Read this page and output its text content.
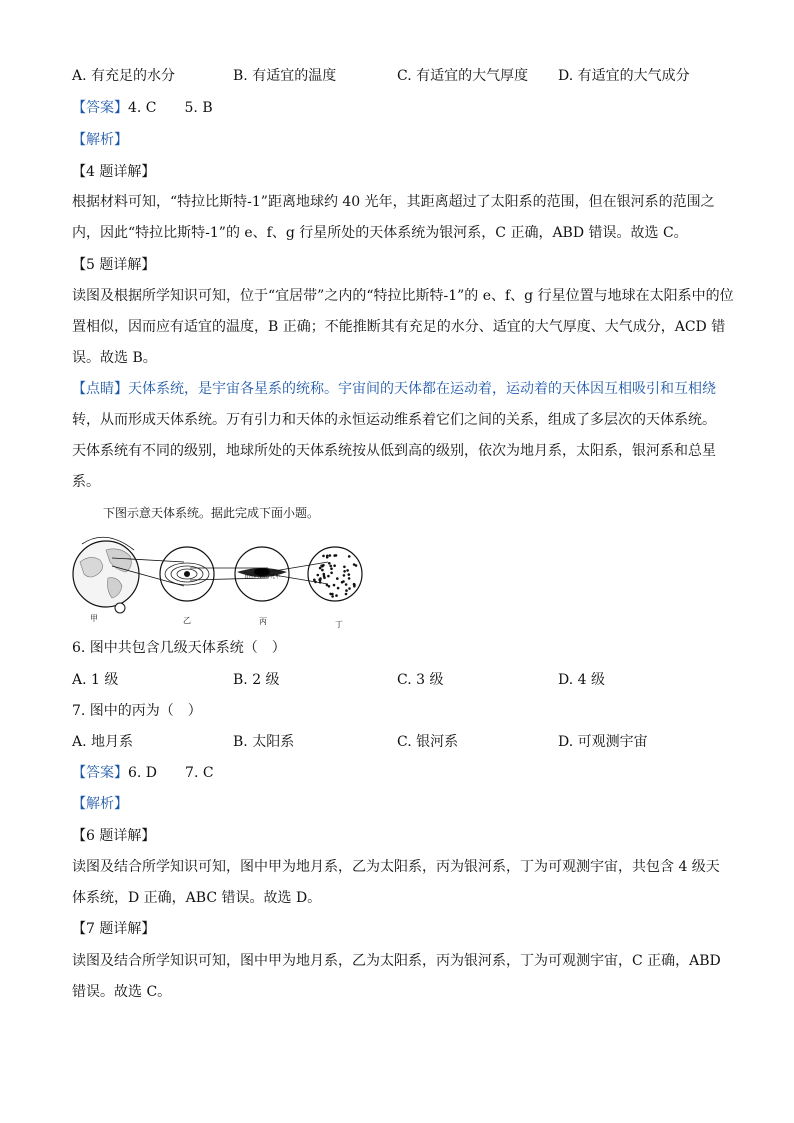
A. 有充足的水分	B. 有适宜的温度	C. 有适宜的大气厚度 D. 有适宜的大气成分
【答案】4. C　　5. B
【解析】
【4 题详解】
根据材料可知，“特拉比斯特-1”距离地球约 40 光年，其距离超过了太阳系的范围，但在银河系的范围之
内，因此“特拉比斯特-1”的 e、f、g 行星所处的天体系统为银河系，C 正确，ABD 错误。故选 C。
【5 题详解】
读图及根据所学知识可知，位于“宜居带”之内的“特拉比斯特-1”的 e、f、g 行星位置与地球在太阳系中的位
置相似，因而应有适宜的温度，B 正确；不能推断其有充足的水分、适宜的大气厚度、大气成分，ACD 错
误。故选 B。
【点睛】天体系统，是宇宙各星系的统称。宇宙间的天体都在运动着，运动着的天体因互相吸引和互相绕
转，从而形成天体系统。万有引力和天体的永恒运动维系着它们之间的关系，组成了多层次的天体系统。
天体系统有不同的级别，地球所处的天体系统按从低到高的级别，依次为地月系，太阳系，银河系和总星
系。
下图示意天体系统。据此完成下面小题。
直径约10万光年
甲	乙	丙	丁
6. 图中共包含几级天体系统（　）
A. 1 级	B. 2 级	C. 3 级	D. 4 级
7. 图中的丙为（　）
A. 地月系	B. 太阳系	C. 银河系	D. 可观测宇宙
【答案】6. D　　7. C
【解析】
【6 题详解】
读图及结合所学知识可知，图中甲为地月系，乙为太阳系，丙为银河系，丁为可观测宇宙，共包含 4 级天
体系统，D 正确，ABC 错误。故选 D。
【7 题详解】
读图及结合所学知识可知，图中甲为地月系，乙为太阳系，丙为银河系，丁为可观测宇宙，C 正确，ABD
错误。故选 C。
